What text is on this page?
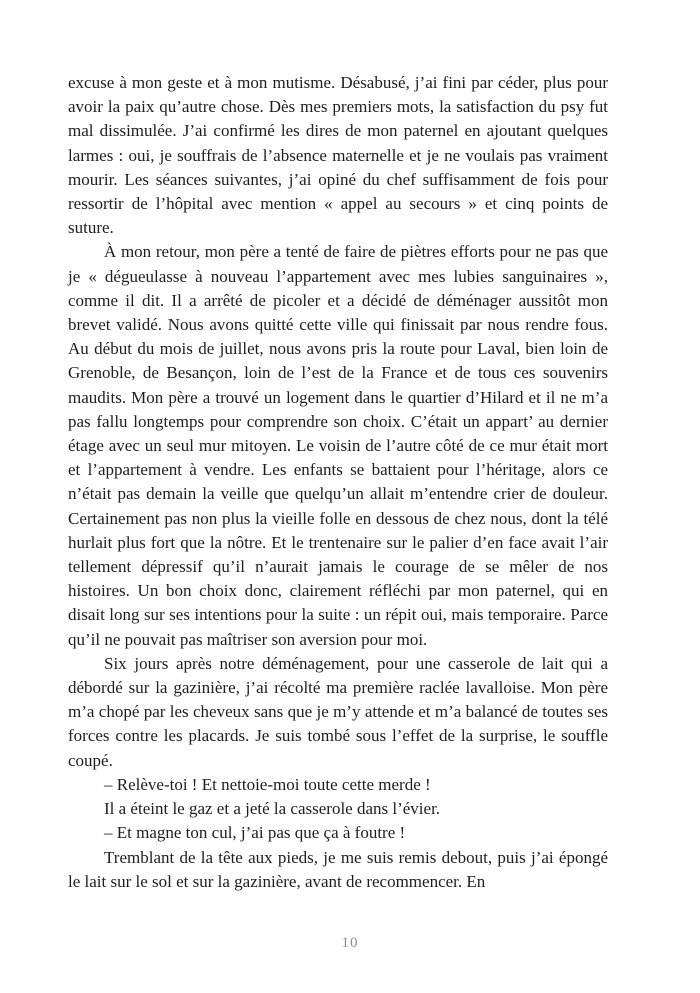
excuse à mon geste et à mon mutisme. Désabusé, j’ai fini par céder, plus pour avoir la paix qu’autre chose. Dès mes premiers mots, la satisfaction du psy fut mal dissimulée. J’ai confirmé les dires de mon paternel en ajoutant quelques larmes : oui, je souffrais de l’absence maternelle et je ne voulais pas vraiment mourir. Les séances suivantes, j’ai opiné du chef suffisamment de fois pour ressortir de l’hôpital avec mention « appel au secours » et cinq points de suture.

À mon retour, mon père a tenté de faire de piètres efforts pour ne pas que je « dégueulasse à nouveau l’appartement avec mes lubies sanguinaires », comme il dit. Il a arrêté de picoler et a décidé de déménager aussitôt mon brevet validé. Nous avons quitté cette ville qui finissait par nous rendre fous. Au début du mois de juillet, nous avons pris la route pour Laval, bien loin de Grenoble, de Besançon, loin de l’est de la France et de tous ces souvenirs maudits. Mon père a trouvé un logement dans le quartier d’Hilard et il ne m’a pas fallu longtemps pour comprendre son choix. C’était un appart’ au dernier étage avec un seul mur mitoyen. Le voisin de l’autre côté de ce mur était mort et l’appartement à vendre. Les enfants se battaient pour l’héritage, alors ce n’était pas demain la veille que quelqu’un allait m’entendre crier de douleur. Certainement pas non plus la vieille folle en dessous de chez nous, dont la télé hurlait plus fort que la nôtre. Et le trentenaire sur le palier d’en face avait l’air tellement dépressif qu’il n’aurait jamais le courage de se mêler de nos histoires. Un bon choix donc, clairement réfléchi par mon paternel, qui en disait long sur ses intentions pour la suite : un répit oui, mais temporaire. Parce qu’il ne pouvait pas maîtriser son aversion pour moi.

Six jours après notre déménagement, pour une casserole de lait qui a débordé sur la gazinière, j’ai récolté ma première raclée lavalloise. Mon père m’a chopé par les cheveux sans que je m’y attende et m’a balancé de toutes ses forces contre les placards. Je suis tombé sous l’effet de la surprise, le souffle coupé.

– Relève-toi ! Et nettoie-moi toute cette merde !

Il a éteint le gaz et a jeté la casserole dans l’évier.

– Et magne ton cul, j’ai pas que ça à foutre !

Tremblant de la tête aux pieds, je me suis remis debout, puis j’ai épongé le lait sur le sol et sur la gazinière, avant de recommencer. En

10
